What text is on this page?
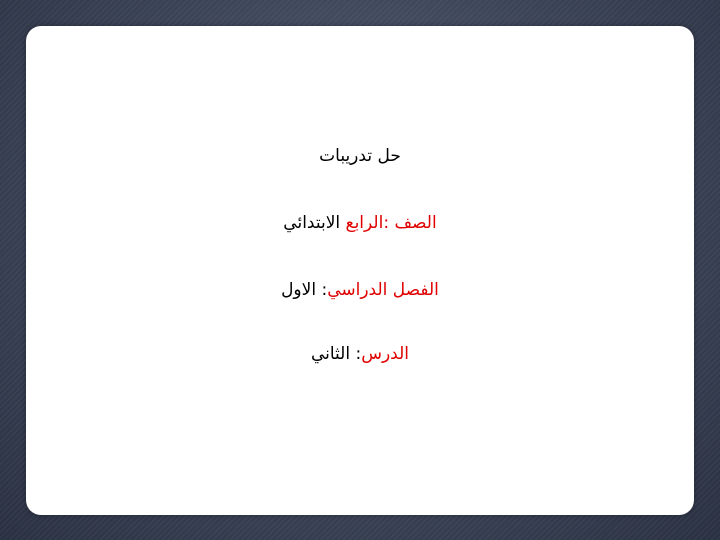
حل تدريبات
الصف :الرابع الابتدائي
الفصل الدراسي: الاول
الدرس: الثاني
